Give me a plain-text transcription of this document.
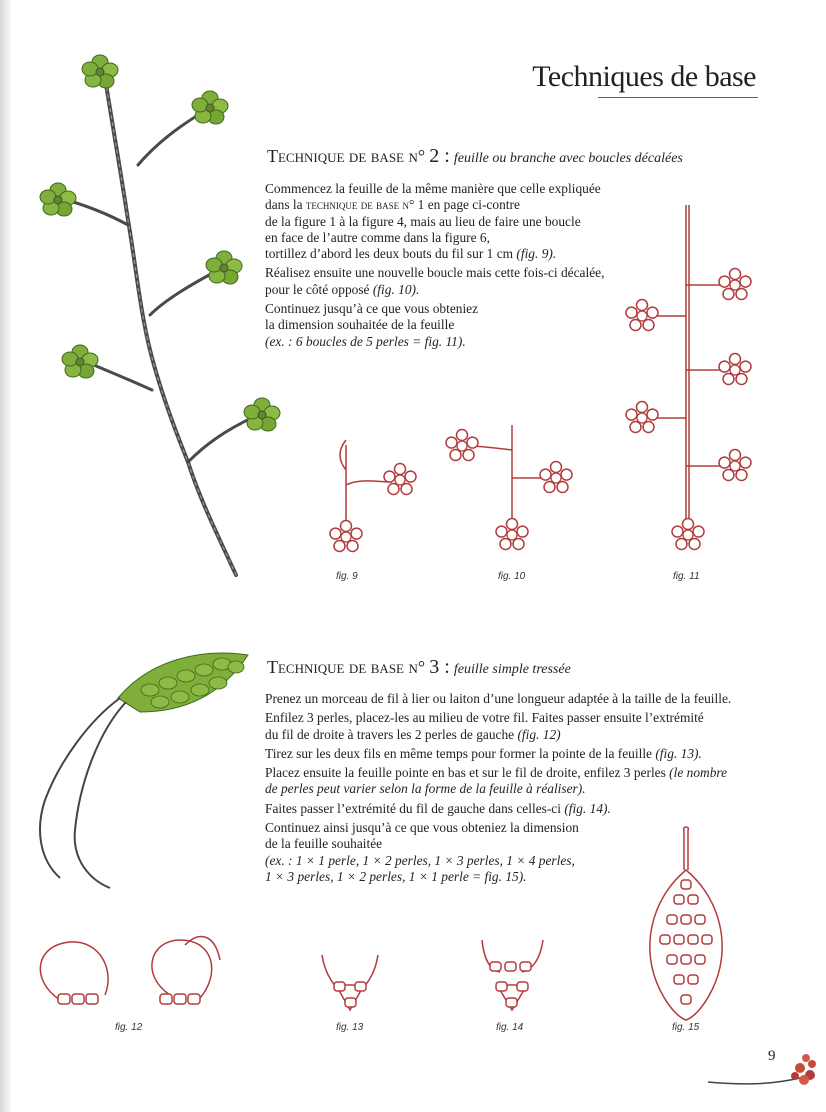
Techniques de base
Technique de base n° 2 : feuille ou branche avec boucles décalées

Commencez la feuille de la même manière que celle expliquée
dans la technique de base n° 1 en page ci-contre
de la figure 1 à la figure 4, mais au lieu de faire une boucle
en face de l’autre comme dans la figure 6,
tortillez d’abord les deux bouts du fil sur 1 cm (fig. 9).

Réalisez ensuite une nouvelle boucle mais cette fois-ci décalée,
pour le côté opposé (fig. 10).

Continuez jusqu’à ce que vous obteniez
la dimension souhaitée de la feuille
(ex. : 6 boucles de 5 perles = fig. 11).

fig. 9	fig. 10	fig. 11
Technique de base n° 3 : feuille simple tressée

Prenez un morceau de fil à lier ou laiton d’une longueur adaptée à la taille de la feuille.

Enfilez 3 perles, placez-les au milieu de votre fil. Faites passer ensuite l’extrémité
du fil de droite à travers les 2 perles de gauche (fig. 12)

Tirez sur les deux fils en même temps pour former la pointe de la feuille (fig. 13).

Placez ensuite la feuille pointe en bas et sur le fil de droite, enfilez 3 perles (le nombre
de perles peut varier selon la forme de la feuille à réaliser).

Faites passer l’extrémité du fil de gauche dans celles-ci (fig. 14).

Continuez ainsi jusqu’à ce que vous obteniez la dimension
de la feuille souhaitée
(ex. : 1 × 1 perle, 1 × 2 perles, 1 × 3 perles, 1 × 4 perles,
1 × 3 perles, 1 × 2 perles, 1 × 1 perle = fig. 15).

fig. 12	fig. 13	fig. 14	fig. 15
9
